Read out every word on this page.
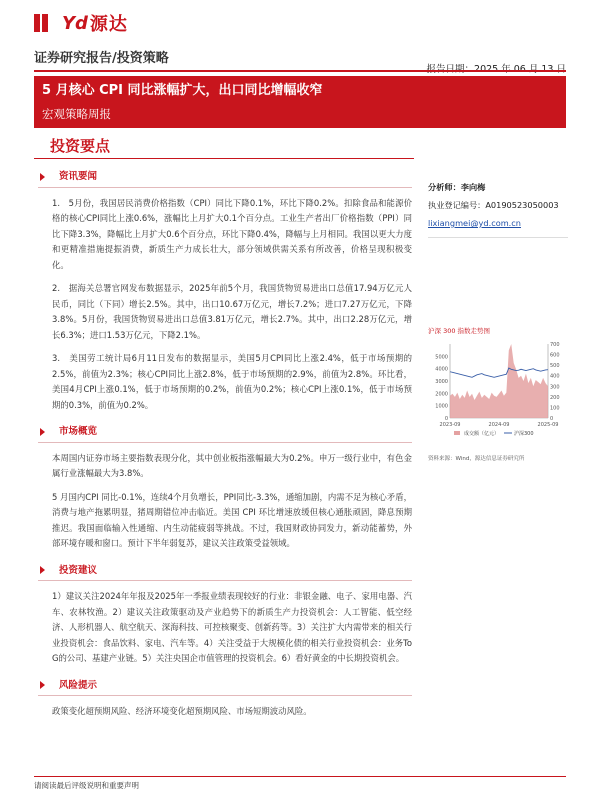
Yd 源达
证券研究报告/投资策略
5 月核心 CPI 同比涨幅扩大，出口同比增幅收窄
宏观策略周报
投资要点
资讯要闻

1.　5月份，我国居民消费价格指数（CPI）同比下降0.1%，环比下降0.2%。扣除食品和能源价格的核心CPI同比上涨0.6%，涨幅比上月扩大0.1个百分点。工业生产者出厂价格指数（PPI）同比下降3.3%，降幅比上月扩大0.6个百分点，环比下降0.4%，降幅与上月相同。我国以更大力度和更精准措施提振消费，新质生产力成长壮大，部分领域供需关系有所改善，价格呈现积极变化。

2.　据海关总署官网发布数据显示，2025年前5个月，我国货物贸易进出口总值17.94万亿元人民币，同比（下同）增长2.5%。其中，出口10.67万亿元，增长7.2%；进口7.27万亿元，下降3.8%。5月份，我国货物贸易进出口总值3.81万亿元，增长2.7%。其中，出口2.28万亿元，增长6.3%；进口1.53万亿元，下降2.1%。

3.　美国劳工统计局6月11日发布的数据显示，美国5月CPI同比上涨2.4%，低于市场预期的2.5%，前值为2.3%；核心CPI同比上涨2.8%，低于市场预期的2.9%，前值为2.8%。环比看，美国4月CPI上涨0.1%，低于市场预期的0.2%，前值为0.2%；核心CPI上涨0.1%，低于市场预期的0.3%，前值为0.2%。

市场概览

本周国内证券市场主要指数表现分化，其中创业板指涨幅最大为0.2%。申万一级行业中，有色金属行业涨幅最大为3.8%。

5 月国内CPI 同比-0.1%，连续4个月负增长，PPI同比-3.3%，通缩加剧，内需不足为核心矛盾，消费与地产拖累明显，猪周期错位冲击临近。美国 CPI 环比增速放缓但核心通胀顽固，降息预期推迟。我国面临输入性通缩、内生动能疲弱等挑战。不过，我国财政协同发力，新动能蓄势，外部环境存暖和窗口。预计下半年弱复苏，建议关注政策受益领域。

投资建议

1）建议关注2024年年报及2025年一季报业绩表现较好的行业：非银金融、电子、家用电器、汽车、农林牧渔。2）建议关注政策驱动及产业趋势下的新质生产力投资机会：人工智能、低空经济、人形机器人、航空航天、深海科技、可控核聚变、创新药等。3）关注扩大内需带来的相关行业投资机会：食品饮料、家电、汽车等。4）关注受益于大规模化债的相关行业投资机会：业务To G的公司、基建产业链。5）关注央国企市值管理的投资机会。6）看好黄金的中长期投资机会。

风险提示

政策变化超预期风险、经济环境变化超预期风险、市场短期波动风险。

分析师：李向梅
执业登记编号：A0190523050003
lixiangmei@yd.com.cn
沪深 300 指数走势图
0
1000
2000
3000
4000
5000
0
100
200
300
400
500
600
700
2023-09	2024-09	2025-09
成交额（亿元）	沪深300
资料来源：Wind，源达信息证券研究所
请阅读最后评级说明和重要声明
